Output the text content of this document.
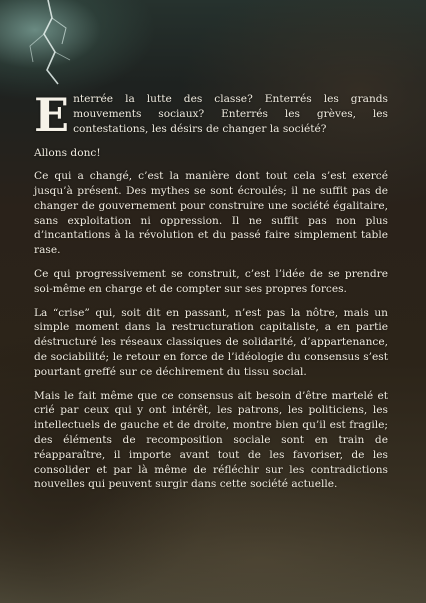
Enterrée la lutte des classe? Enterrés les grands mouvements sociaux? Enterrés les grèves, les contestations, les désirs de changer la société?

Allons donc!

Ce qui a changé, c’est la manière dont tout cela s’est exercé jusqu’à présent. Des mythes se sont écroulés; il ne suffit pas de changer de gouvernement pour construire une société égalitaire, sans exploitation ni oppression. Il ne suffit pas non plus d’incantations à la révolution et du passé faire simplement table rase.

Ce qui progressivement se construit, c’est l’idée de se prendre soi-même en charge et de compter sur ses propres forces.

La “crise” qui, soit dit en passant, n’est pas la nôtre, mais un simple moment dans la restructuration capitaliste, a en partie déstructuré les réseaux classiques de solidarité, d’appartenance, de sociabilité; le retour en force de l’idéologie du consensus s’est pourtant greffé sur ce déchirement du tissu social.

Mais le fait même que ce consensus ait besoin d’être martelé et crié par ceux qui y ont intérêt, les patrons, les politiciens, les intellectuels de gauche et de droite, montre bien qu’il est fragile; des éléments de recomposition sociale sont en train de réapparaître, il importe avant tout de les favoriser, de les consolider et par là même de réfléchir sur les contradictions nouvelles qui peuvent surgir dans cette société actuelle.
